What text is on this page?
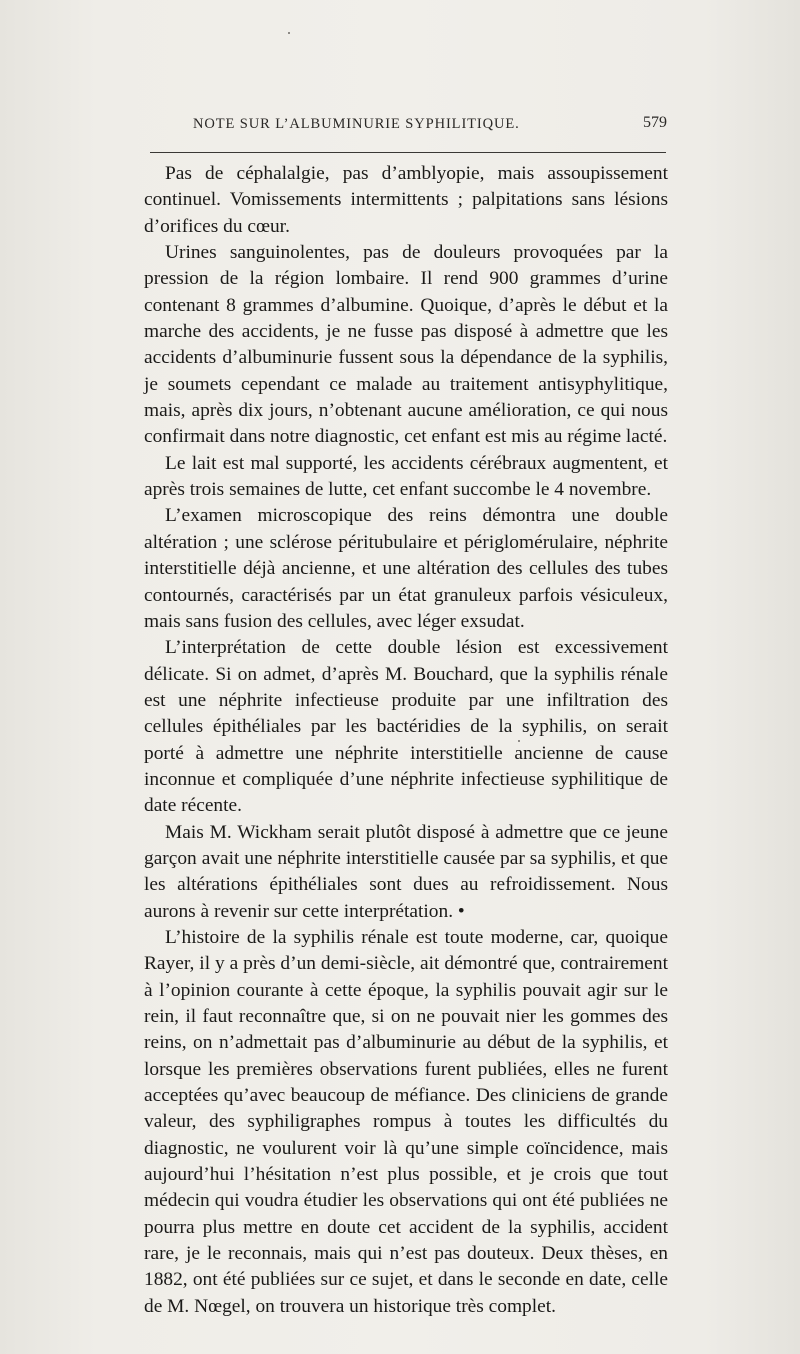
NOTE SUR L’ALBUMINURIE SYPHILITIQUE.	579

Pas de céphalalgie, pas d’amblyopie, mais assoupissement continuel. Vomissements intermittents ; palpitations sans lésions d’orifices du cœur.

Urines sanguinolentes, pas de douleurs provoquées par la pression de la région lombaire. Il rend 900 grammes d’urine contenant 8 grammes d’albumine. Quoique, d’après le début et la marche des accidents, je ne fusse pas disposé à admettre que les accidents d’albuminurie fussent sous la dépendance de la syphilis, je soumets cependant ce malade au traitement antisyphylitique, mais, après dix jours, n’obtenant aucune amélioration, ce qui nous confirmait dans notre diagnostic, cet enfant est mis au régime lacté.

Le lait est mal supporté, les accidents cérébraux augmentent, et après trois semaines de lutte, cet enfant succombe le 4 novembre.

L’examen microscopique des reins démontra une double altération ; une sclérose péritubulaire et périglomérulaire, néphrite interstitielle déjà ancienne, et une altération des cellules des tubes contournés, caractérisés par un état granuleux parfois vésiculeux, mais sans fusion des cellules, avec léger exsudat.

L’interprétation de cette double lésion est excessivement délicate. Si on admet, d’après M. Bouchard, que la syphilis rénale est une néphrite infectieuse produite par une infiltration des cellules épithéliales par les bactéridies de la syphilis, on serait porté à admettre une néphrite interstitielle ancienne de cause inconnue et compliquée d’une néphrite infectieuse syphilitique de date récente.

Mais M. Wickham serait plutôt disposé à admettre que ce jeune garçon avait une néphrite interstitielle causée par sa syphilis, et que les altérations épithéliales sont dues au refroidissement. Nous aurons à revenir sur cette interprétation. •

L’histoire de la syphilis rénale est toute moderne, car, quoique Rayer, il y a près d’un demi-siècle, ait démontré que, contrairement à l’opinion courante à cette époque, la syphilis pouvait agir sur le rein, il faut reconnaître que, si on ne pouvait nier les gommes des reins, on n’admettait pas d’albuminurie au début de la syphilis, et lorsque les premières observations furent publiées, elles ne furent acceptées qu’avec beaucoup de méfiance. Des cliniciens de grande valeur, des syphiligraphes rompus à toutes les difficultés du diagnostic, ne voulurent voir là qu’une simple coïncidence, mais aujourd’hui l’hésitation n’est plus possible, et je crois que tout médecin qui voudra étudier les observations qui ont été publiées ne pourra plus mettre en doute cet accident de la syphilis, accident rare, je le reconnais, mais qui n’est pas douteux. Deux thèses, en 1882, ont été publiées sur ce sujet, et dans le seconde en date, celle de M. Nœgel, on trouvera un historique très complet.
